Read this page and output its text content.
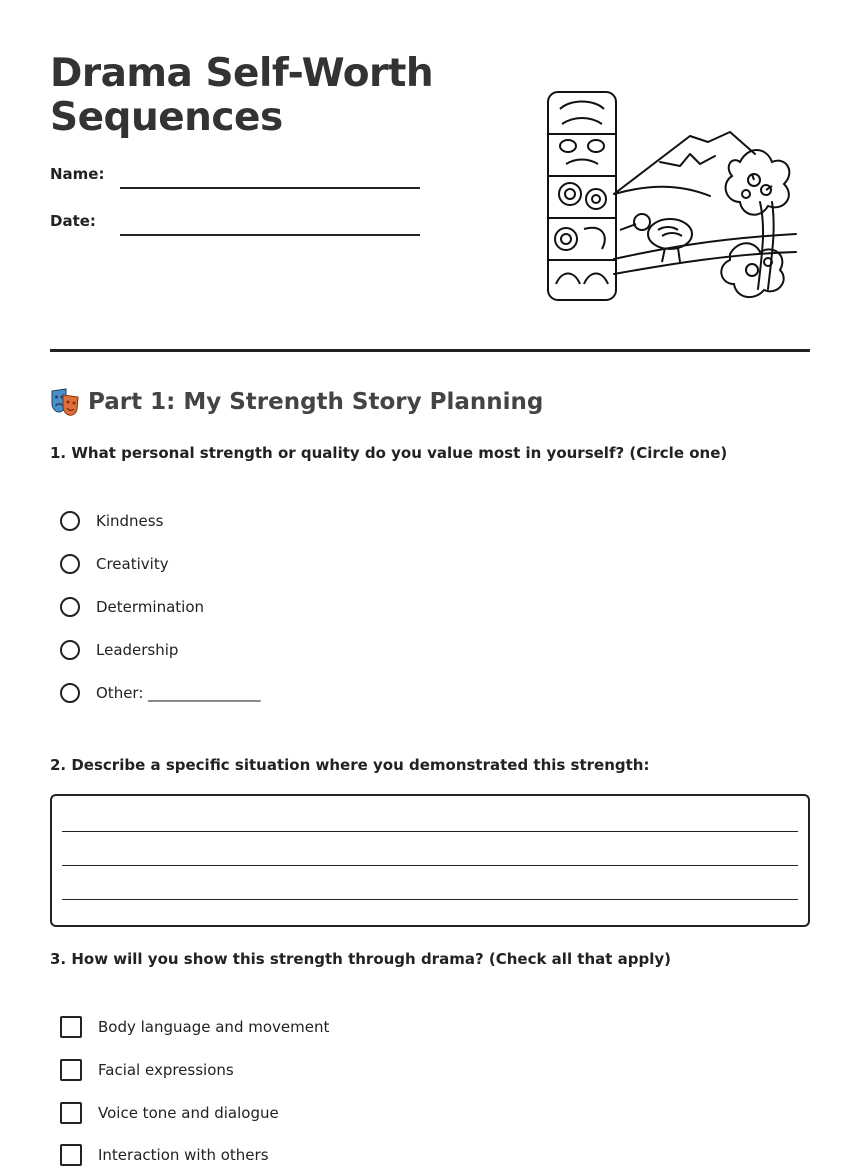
Drama Self-Worth
Sequences
Name:
Date:
Part 1: My Strength Story Planning
1. What personal strength or quality do you value most in yourself? (Circle one)
Kindness
Creativity
Determination
Leadership
Other: _______________
2. Describe a specific situation where you demonstrated this strength:
3. How will you show this strength through drama? (Check all that apply)
Body language and movement
Facial expressions
Voice tone and dialogue
Interaction with others
